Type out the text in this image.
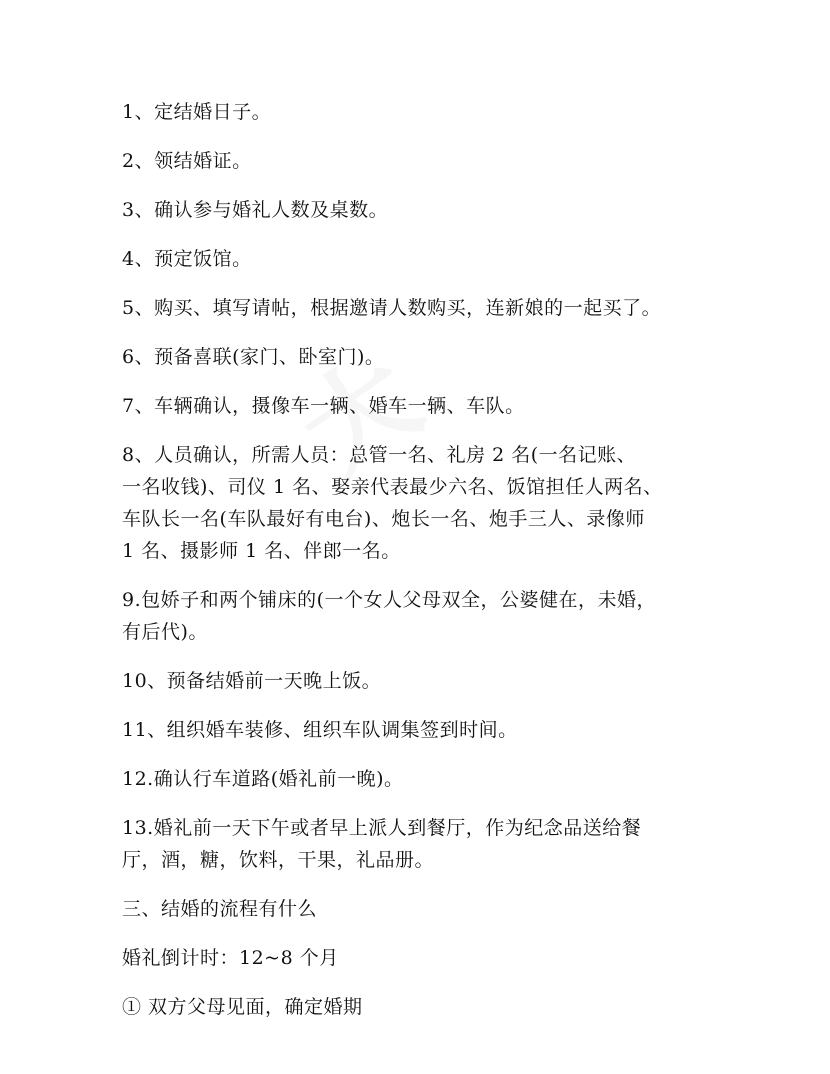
1、定结婚日子。

2、领结婚证。

3、确认参与婚礼人数及桌数。

4、预定饭馆。

5、购买、填写请帖，根据邀请人数购买，连新娘的一起买了。

6、预备喜联(家门、卧室门)。

7、车辆确认，摄像车一辆、婚车一辆、车队。

8、人员确认，所需人员：总管一名、礼房 2 名(一名记账、
一名收钱)、司仪 1 名、娶亲代表最少六名、饭馆担任人两名、
车队长一名(车队最好有电台)、炮长一名、炮手三人、录像师
1 名、摄影师 1 名、伴郎一名。

9.包娇子和两个铺床的(一个女人父母双全，公婆健在，未婚，
有后代)。

10、预备结婚前一天晚上饭。

11、组织婚车装修、组织车队调集签到时间。

12.确认行车道路(婚礼前一晚)。

13.婚礼前一天下午或者早上派人到餐厅，作为纪念品送给餐
厅，酒，糖，饮料，干果，礼品册。

三、结婚的流程有什么

婚礼倒计时：12~8 个月

① 双方父母见面，确定婚期
